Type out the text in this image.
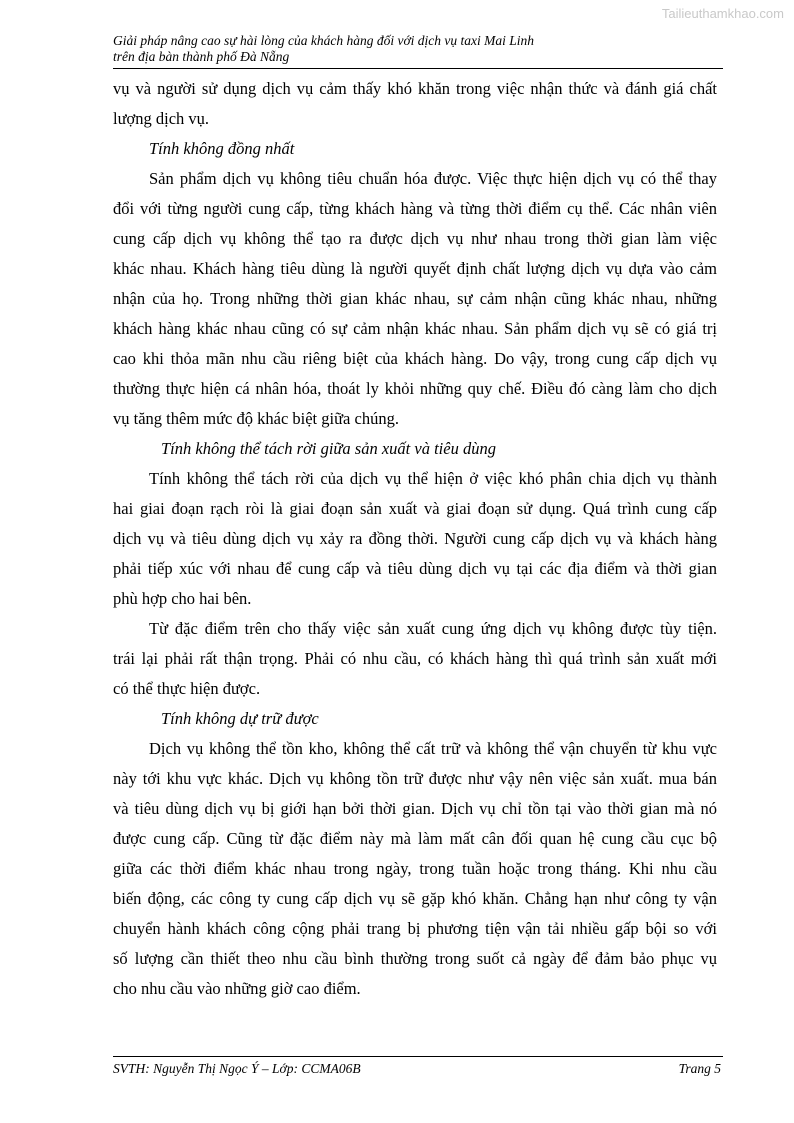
Tailieuthamkhao.com
Giải pháp nâng cao sự hài lòng của khách hàng đối với dịch vụ taxi Mai Linh
trên địa bàn thành phố Đà Nẵng

vụ và người sử dụng dịch vụ cảm thấy khó khăn trong việc nhận thức và đánh giá chất
lượng dịch vụ.

Tính không đồng nhất

Sản phẩm dịch vụ không tiêu chuẩn hóa được. Việc thực hiện dịch vụ có thể thay
đổi với từng người cung cấp, từng khách hàng và từng thời điểm cụ thể. Các nhân viên
cung cấp dịch vụ không thể tạo ra được dịch vụ như nhau trong thời gian làm việc
khác nhau. Khách hàng tiêu dùng là người quyết định chất lượng dịch vụ dựa vào cảm
nhận của họ. Trong những thời gian khác nhau, sự cảm nhận cũng khác nhau, những
khách hàng khác nhau cũng có sự cảm nhận khác nhau. Sản phẩm dịch vụ sẽ có giá trị
cao khi thỏa mãn nhu cầu riêng biệt của khách hàng. Do vậy, trong cung cấp dịch vụ
thường thực hiện cá nhân hóa, thoát ly khỏi những quy chế. Điều đó càng làm cho dịch
vụ tăng thêm mức độ khác biệt giữa chúng.

Tính không thể tách rời giữa sản xuất và tiêu dùng

Tính không thể tách rời của dịch vụ thể hiện ở việc khó phân chia dịch vụ thành
hai giai đoạn rạch ròi là giai đoạn sản xuất và giai đoạn sử dụng. Quá trình cung cấp
dịch vụ và tiêu dùng dịch vụ xảy ra đồng thời. Người cung cấp dịch vụ và khách hàng
phải tiếp xúc với nhau để cung cấp và tiêu dùng dịch vụ tại các địa điểm và thời gian
phù hợp cho hai bên.

Từ đặc điểm trên cho thấy việc sản xuất cung ứng dịch vụ không được tùy tiện.
trái lại phải rất thận trọng. Phải có nhu cầu, có khách hàng thì quá trình sản xuất mới
có thể thực hiện được.

Tính không dự trữ được

Dịch vụ không thể tồn kho, không thể cất trữ và không thể vận chuyển từ khu vực
này tới khu vực khác. Dịch vụ không tồn trữ được như vậy nên việc sản xuất. mua bán
và tiêu dùng dịch vụ bị giới hạn bởi thời gian. Dịch vụ chỉ tồn tại vào thời gian mà nó
được cung cấp. Cũng từ đặc điểm này mà làm mất cân đối quan hệ cung cầu cục bộ
giữa các thời điểm khác nhau trong ngày, trong tuần hoặc trong tháng. Khi nhu cầu
biến động, các công ty cung cấp dịch vụ sẽ gặp khó khăn. Chẳng hạn như công ty vận
chuyển hành khách công cộng phải trang bị phương tiện vận tải nhiều gấp bội so với
số lượng cần thiết theo nhu cầu bình thường trong suốt cả ngày để đảm bảo phục vụ
cho nhu cầu vào những giờ cao điểm.

SVTH: Nguyễn Thị Ngọc Ý – Lớp: CCMA06B	Trang 5
